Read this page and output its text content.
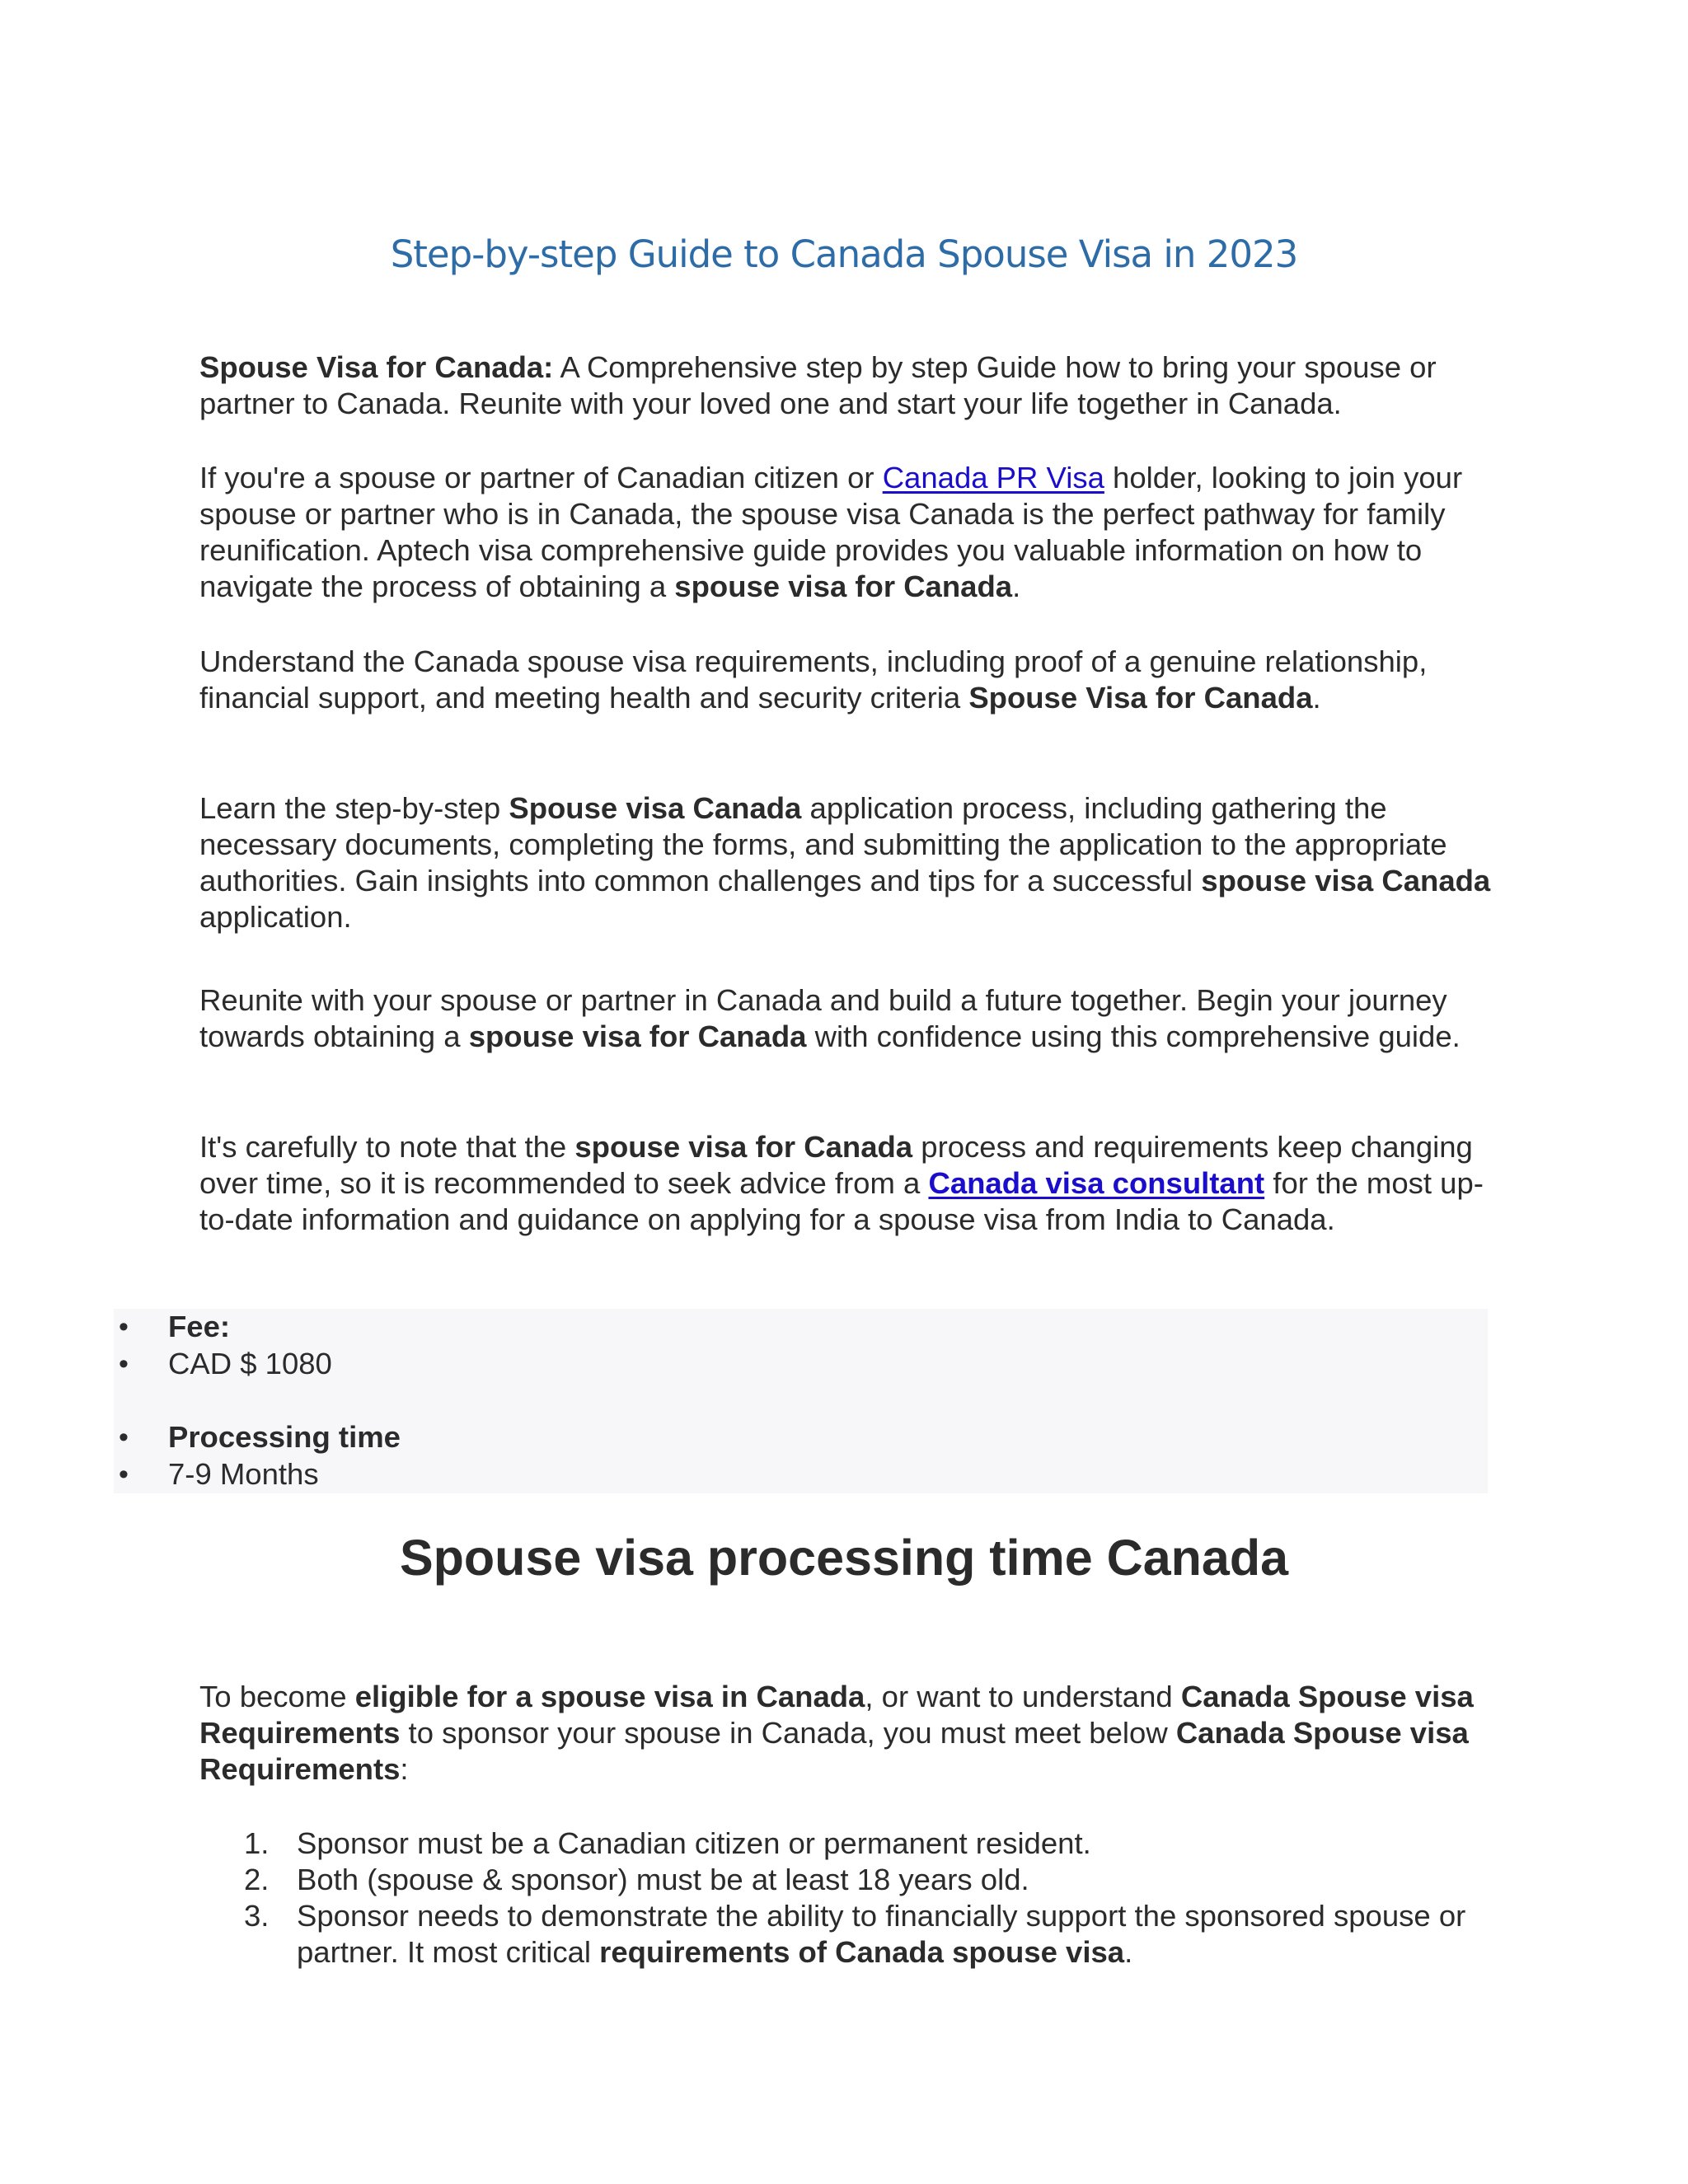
Step-by-step Guide to Canada Spouse Visa in 2023

Spouse Visa for Canada: A Comprehensive step by step Guide how to bring your spouse or partner to Canada. Reunite with your loved one and start your life together in Canada.

If you're a spouse or partner of Canadian citizen or Canada PR Visa holder, looking to join your spouse or partner who is in Canada, the spouse visa Canada is the perfect pathway for family reunification. Aptech visa comprehensive guide provides you valuable information on how to navigate the process of obtaining a spouse visa for Canada.

Understand the Canada spouse visa requirements, including proof of a genuine relationship, financial support, and meeting health and security criteria Spouse Visa for Canada.

Learn the step-by-step Spouse visa Canada application process, including gathering the necessary documents, completing the forms, and submitting the application to the appropriate authorities. Gain insights into common challenges and tips for a successful spouse visa Canada application.

Reunite with your spouse or partner in Canada and build a future together. Begin your journey towards obtaining a spouse visa for Canada with confidence using this comprehensive guide.

It's carefully to note that the spouse visa for Canada process and requirements keep changing over time, so it is recommended to seek advice from a Canada visa consultant for the most up-to-date information and guidance on applying for a spouse visa from India to Canada.

• Fee:
• CAD $ 1080
• Processing time
• 7-9 Months
Spouse visa processing time Canada

To become eligible for a spouse visa in Canada, or want to understand Canada Spouse visa Requirements to sponsor your spouse in Canada, you must meet below Canada Spouse visa Requirements:

1. Sponsor must be a Canadian citizen or permanent resident.
2. Both (spouse & sponsor) must be at least 18 years old.
3. Sponsor needs to demonstrate the ability to financially support the sponsored spouse or partner. It most critical requirements of Canada spouse visa.
